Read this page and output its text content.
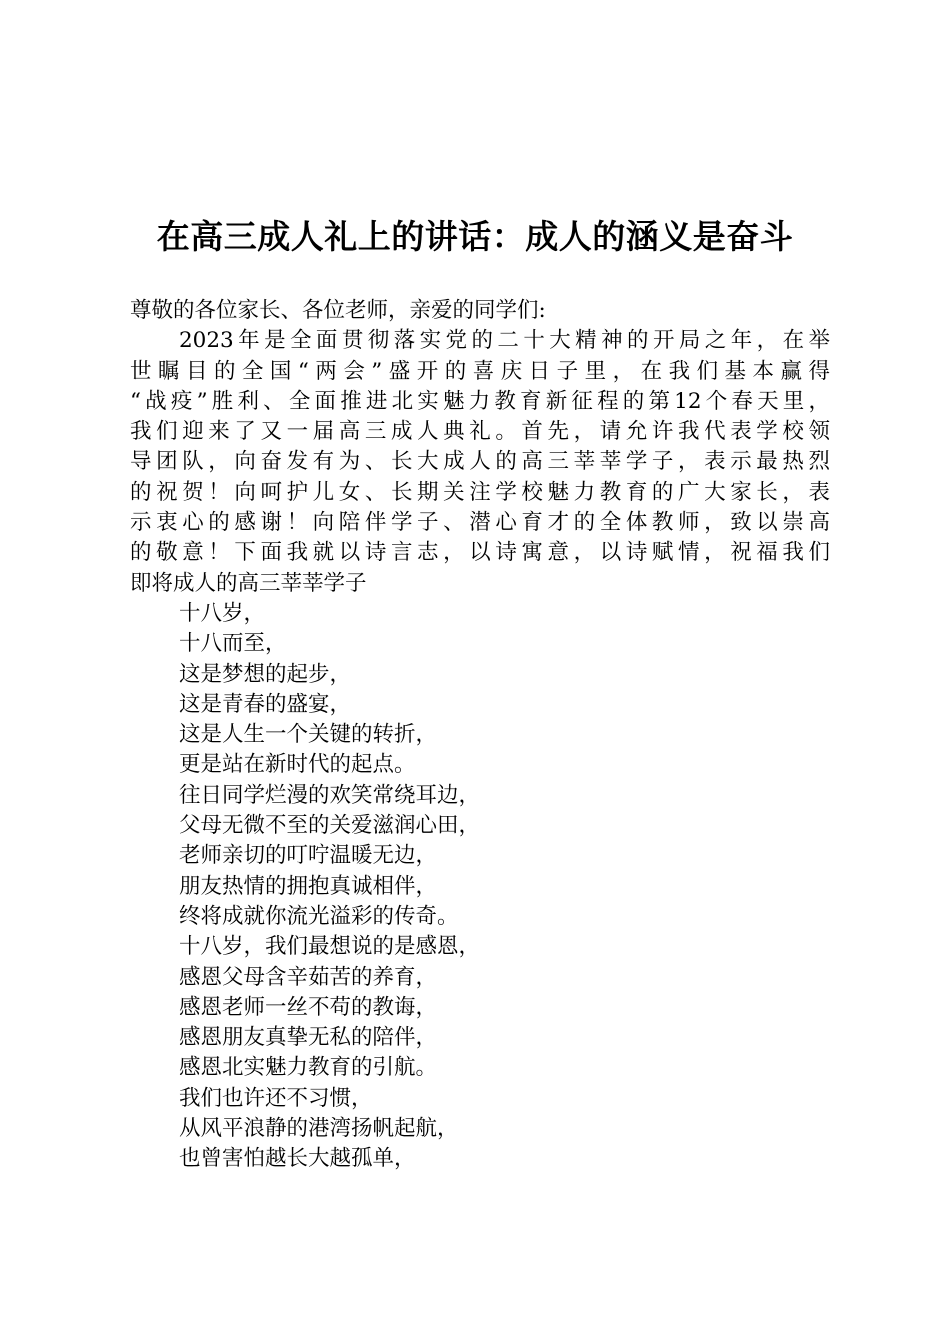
在高三成人礼上的讲话：成人的涵义是奋斗
尊敬的各位家长、各位老师，亲爱的同学们:
2023年是全面贯彻落实党的二十大精神的开局之年，在举
世瞩目的全国“两会”盛开的喜庆日子里，在我们基本赢得
“战疫”胜利、全面推进北实魅力教育新征程的第12个春天里，
我们迎来了又一届高三成人典礼。首先，请允许我代表学校领
导团队，向奋发有为、长大成人的高三莘莘学子，表示最热烈
的祝贺！向呵护儿女、长期关注学校魅力教育的广大家长，表
示衷心的感谢！向陪伴学子、潜心育才的全体教师，致以崇高
的敬意！下面我就以诗言志，以诗寓意，以诗赋情，祝福我们
即将成人的高三莘莘学子
十八岁，
十八而至，
这是梦想的起步，
这是青春的盛宴，
这是人生一个关键的转折，
更是站在新时代的起点。
往日同学烂漫的欢笑常绕耳边，
父母无微不至的关爱滋润心田，
老师亲切的叮咛温暖无边，
朋友热情的拥抱真诚相伴，
终将成就你流光溢彩的传奇。
十八岁，我们最想说的是感恩，
感恩父母含辛茹苦的养育，
感恩老师一丝不苟的教诲，
感恩朋友真挚无私的陪伴，
感恩北实魅力教育的引航。
我们也许还不习惯，
从风平浪静的港湾扬帆起航，
也曾害怕越长大越孤单，
